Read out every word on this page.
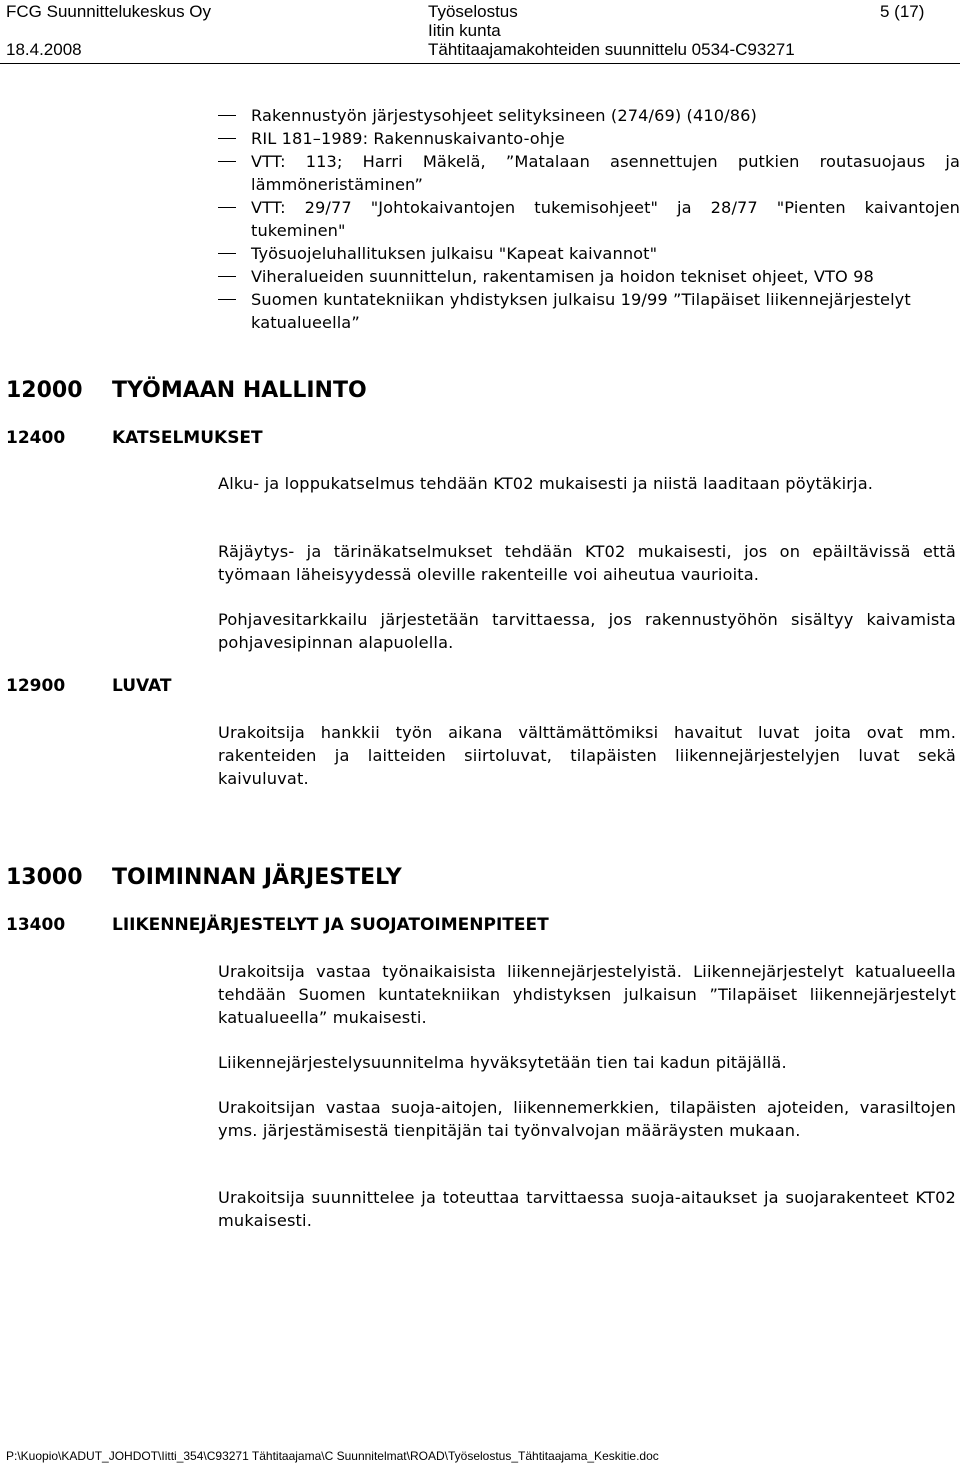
FCG Suunnittelukeskus Oy
18.4.2008
Työselostus
Iitin kunta
Tähtitaajamakohteiden suunnittelu 0534-C93271
5 (17)
Rakennustyön järjestysohjeet selityksineen (274/69) (410/86)
RIL 181–1989: Rakennuskaivanto-ohje
VTT: 113; Harri Mäkelä, ”Matalaan asennettujen putkien routasuojaus ja lämmöneristäminen”
VTT: 29/77 "Johtokaivantojen tukemisohjeet" ja 28/77 "Pienten kaivantojen tukeminen"
Työsuojeluhallituksen julkaisu "Kapeat kaivannot"
Viheralueiden suunnittelun, rakentamisen ja hoidon tekniset ohjeet, VTO 98
Suomen kuntatekniikan yhdistyksen julkaisu 19/99 ”Tilapäiset liikennejärjestelyt katualueella”
12000 TYÖMAAN HALLINTO
12400	KATSELMUKSET
Alku- ja loppukatselmus tehdään KT02 mukaisesti ja niistä laaditaan pöytäkirja.
Räjäytys- ja tärinäkatselmukset tehdään KT02 mukaisesti, jos on epäiltävissä että työmaan läheisyydessä oleville rakenteille voi aiheutua vaurioita.
Pohjavesitarkkailu järjestetään tarvittaessa, jos rakennustyöhön sisältyy kaivamista pohjavesipinnan alapuolella.
12900	LUVAT
Urakoitsija hankkii työn aikana välttämättömiksi havaitut luvat joita ovat mm. rakenteiden ja laitteiden siirtoluvat, tilapäisten liikennejärjestelyjen luvat sekä kaivuluvat.
13000 TOIMINNAN JÄRJESTELY
13400	LIIKENNEJÄRJESTELYT JA SUOJATOIMENPITEET
Urakoitsija vastaa työnaikaisista liikennejärjestelyistä. Liikennejärjestelyt katualueella tehdään Suomen kuntatekniikan yhdistyksen julkaisun ”Tilapäiset liikennejärjestelyt katualueella” mukaisesti.
Liikennejärjestelysuunnitelma hyväksytetään tien tai kadun pitäjällä.
Urakoitsijan vastaa suoja-aitojen, liikennemerkkien, tilapäisten ajoteiden, varasiltojen yms. järjestämisestä tienpitäjän tai työnvalvojan määräysten mukaan.
Urakoitsija suunnittelee ja toteuttaa tarvittaessa suoja-aitaukset ja suojarakenteet KT02 mukaisesti.
P:\Kuopio\KADUT_JOHDOT\Iitti_354\C93271 Tähtitaajama\C Suunnitelmat\ROAD\Työselostus_Tähtitaajama_Keskitie.doc
